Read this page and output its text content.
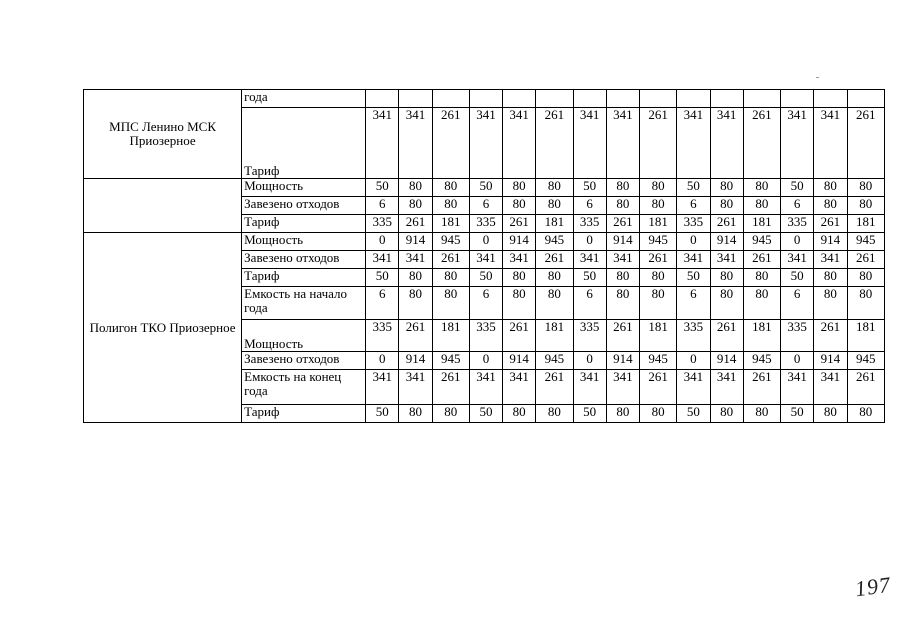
МПС Ленино МСК Приозерное	года															
	Тариф	341	341	261	341	341	261	341	341	261	341	341	261	341	341	261
	Мощность	50	80	80	50	80	80	50	80	80	50	80	80	50	80	80
	Завезено отходов	6	80	80	6	80	80	6	80	80	6	80	80	6	80	80
	Тариф	335	261	181	335	261	181	335	261	181	335	261	181	335	261	181
Полигон ТКО Приозерное	Мощность	0	914	945	0	914	945	0	914	945	0	914	945	0	914	945
	Завезено отходов	341	341	261	341	341	261	341	341	261	341	341	261	341	341	261
	Тариф	50	80	80	50	80	80	50	80	80	50	80	80	50	80	80
	Емкость на начало года	6	80	80	6	80	80	6	80	80	6	80	80	6	80	80
	Мощность	335	261	181	335	261	181	335	261	181	335	261	181	335	261	181
	Завезено отходов	0	914	945	0	914	945	0	914	945	0	914	945	0	914	945
	Емкость на конец года	341	341	261	341	341	261	341	341	261	341	341	261	341	341	261
	Тариф	50	80	80	50	80	80	50	80	80	50	80	80	50	80	80
197
